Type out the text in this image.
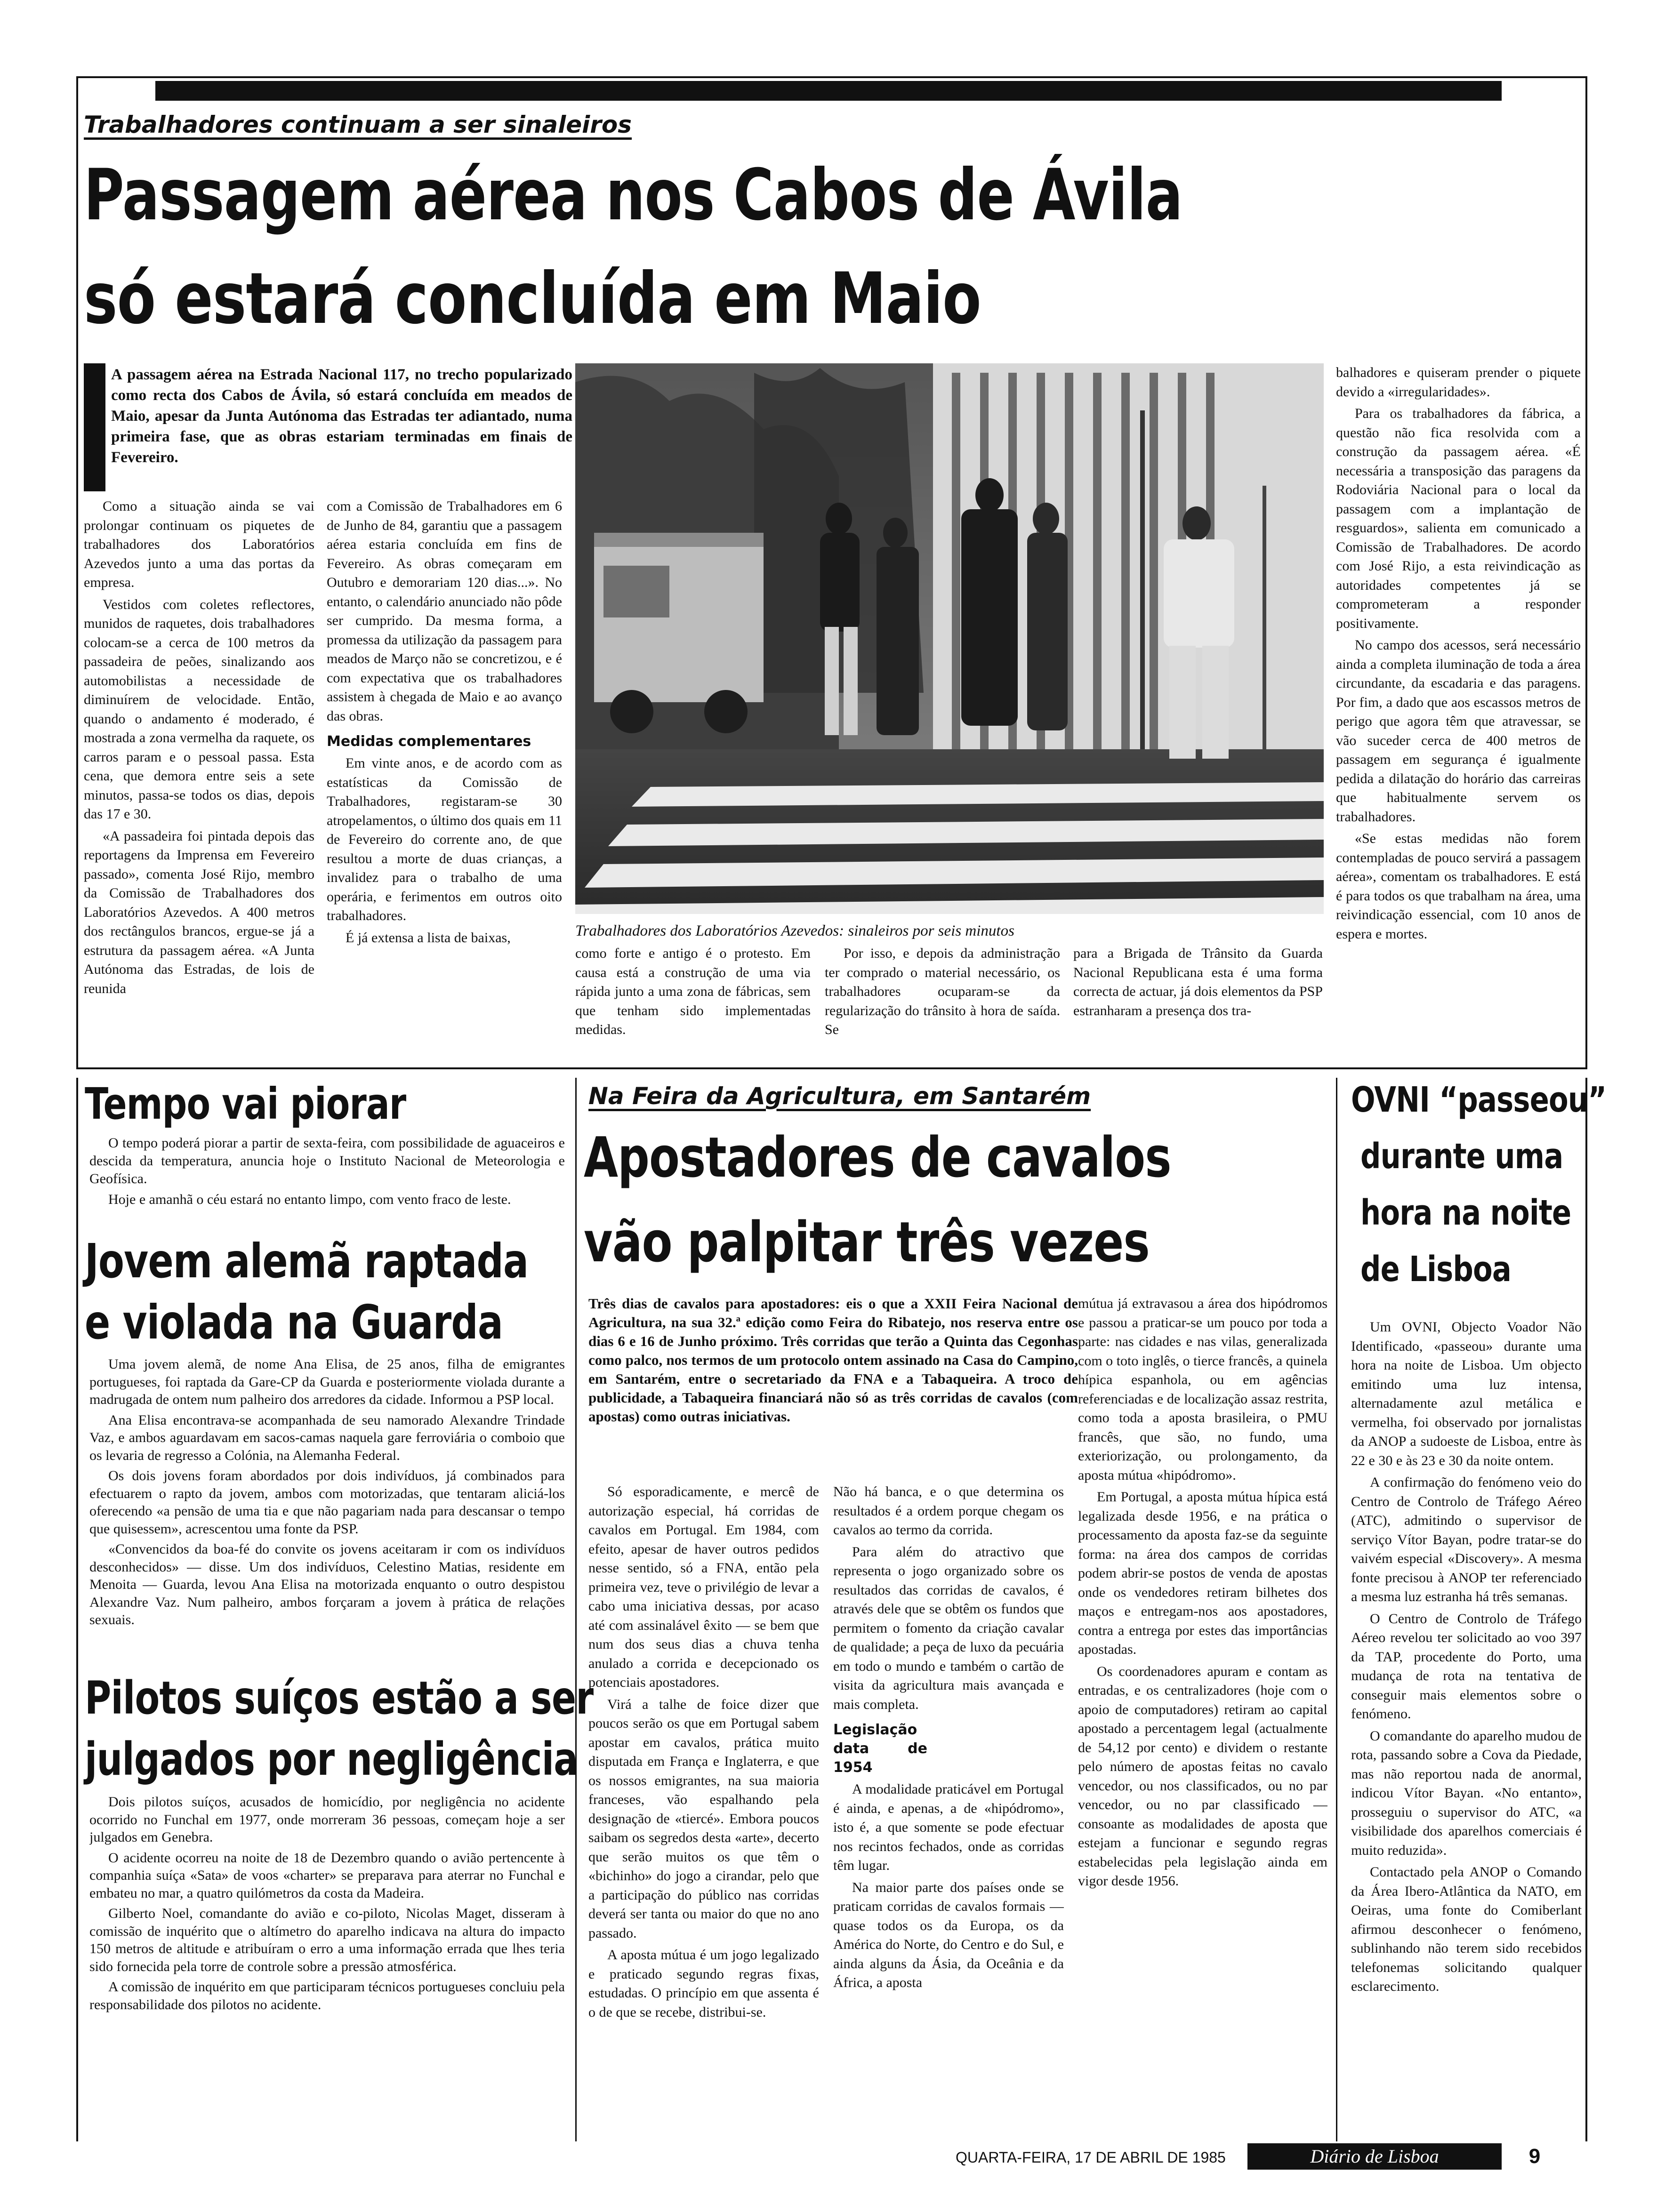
Trabalhadores continuam a ser sinaleiros
Passagem aérea nos Cabos de Ávila
só estará concluída em Maio
A passagem aérea na Estrada Nacional 117, no trecho popularizado como recta dos Cabos de Ávila, só estará concluída em meados de Maio, apesar da Junta Autónoma das Estradas ter adiantado, numa primeira fase, que as obras estariam terminadas em finais de Fevereiro.

Como a situação ainda se vai prolongar continuam os piquetes de trabalhadores dos Laboratórios Azevedos junto a uma das portas da empresa.

Vestidos com coletes reflectores, munidos de raquetes, dois trabalhadores colocam-se a cerca de 100 metros da passadeira de peões, sinalizando aos automobilistas a necessidade de diminuírem de velocidade. Então, quando o andamento é moderado, é mostrada a zona vermelha da raquete, os carros param e o pessoal passa. Esta cena, que demora entre seis a sete minutos, passa-se todos os dias, depois das 17 e 30.

«A passadeira foi pintada depois das reportagens da Imprensa em Fevereiro passado», comenta José Rijo, membro da Comissão de Trabalhadores dos Laboratórios Azevedos. A 400 metros dos rectângulos brancos, ergue-se já a estrutura da passagem aérea. «A Junta Autónoma das Estradas, de lois de reunida

com a Comissão de Trabalhadores em 6 de Junho de 84, garantiu que a passagem aérea estaria concluída em fins de Fevereiro. As obras começaram em Outubro e demorariam 120 dias...». No entanto, o calendário anunciado não pôde ser cumprido. Da mesma forma, a promessa da utilização da passagem para meados de Março não se concretizou, e é com expectativa que os trabalhadores assistem à chegada de Maio e ao avanço das obras.

Medidas complementares

Em vinte anos, e de acordo com as estatísticas da Comissão de Trabalhadores, registaram-se 30 atropelamentos, o último dos quais em 11 de Fevereiro do corrente ano, de que resultou a morte de duas crianças, a invalidez para o trabalho de uma operária, e ferimentos em outros oito trabalhadores.

É já extensa a lista de baixas,	Trabalhadores dos Laboratórios Azevedos: sinaleiros por seis minutos

como forte e antigo é o protesto. Em causa está a construção de uma via rápida junto a uma zona de fábricas, sem que tenham sido implementadas medidas.

Por isso, e depois da administração ter comprado o material necessário, os trabalhadores ocuparam-se da regularização do trânsito à hora de saída. Se

para a Brigada de Trânsito da Guarda Nacional Republicana esta é uma forma correcta de actuar, já dois elementos da PSP estranharam a presença dos tra-

balhadores e quiseram prender o piquete devido a «irregularidades».

Para os trabalhadores da fábrica, a questão não fica resolvida com a construção da passagem aérea. «É necessária a transposição das paragens da Rodoviária Nacional para o local da passagem com a implantação de resguardos», salienta em comunicado a Comissão de Trabalhadores. De acordo com José Rijo, a esta reivindicação as autoridades competentes já se comprometeram a responder positivamente.

No campo dos acessos, será necessário ainda a completa iluminação de toda a área circundante, da escadaria e das paragens. Por fim, a dado que aos escassos metros de perigo que agora têm que atravessar, se vão suceder cerca de 400 metros de passagem em segurança é igualmente pedida a dilatação do horário das carreiras que habitualmente servem os trabalhadores.

«Se estas medidas não forem contempladas de pouco servirá a passagem aérea», comentam os trabalhadores. E está é para todos os que trabalham na área, uma reivindicação essencial, com 10 anos de espera e mortes.

Tempo vai piorar

O tempo poderá piorar a partir de sexta-feira, com possibilidade de aguaceiros e descida da temperatura, anuncia hoje o Instituto Nacional de Meteorologia e Geofísica.

Hoje e amanhã o céu estará no entanto limpo, com vento fraco de leste.

Jovem alemã raptada
e violada na Guarda

Uma jovem alemã, de nome Ana Elisa, de 25 anos, filha de emigrantes portugueses, foi raptada da Gare-CP da Guarda e posteriormente violada durante a madrugada de ontem num palheiro dos arredores da cidade. Informou a PSP local.

Ana Elisa encontrava-se acompanhada de seu namorado Alexandre Trindade Vaz, e ambos aguardavam em sacos-camas naquela gare ferroviária o comboio que os levaria de regresso a Colónia, na Alemanha Federal.

Os dois jovens foram abordados por dois indivíduos, já combinados para efectuarem o rapto da jovem, ambos com motorizadas, que tentaram aliciá-los oferecendo «a pensão de uma tia e que não pagariam nada para descansar o tempo que quisessem», acrescentou uma fonte da PSP.

«Convencidos da boa-fé do convite os jovens aceitaram ir com os indivíduos desconhecidos» — disse. Um dos indivíduos, Celestino Matias, residente em Menoita — Guarda, levou Ana Elisa na motorizada enquanto o outro despistou Alexandre Vaz. Num palheiro, ambos forçaram a jovem à prática de relações sexuais.

Pilotos suíços estão a ser
julgados por negligência

Dois pilotos suíços, acusados de homicídio, por negligência no acidente ocorrido no Funchal em 1977, onde morreram 36 pessoas, começam hoje a ser julgados em Genebra.

O acidente ocorreu na noite de 18 de Dezembro quando o avião pertencente à companhia suíça «Sata» de voos «charter» se preparava para aterrar no Funchal e embateu no mar, a quatro quilómetros da costa da Madeira.

Gilberto Noel, comandante do avião e co-piloto, Nicolas Maget, disseram à comissão de inquérito que o altímetro do aparelho indicava na altura do impacto 150 metros de altitude e atribuíram o erro a uma informação errada que lhes teria sido fornecida pela torre de controle sobre a pressão atmosférica.

A comissão de inquérito em que participaram técnicos portugueses concluiu pela responsabilidade dos pilotos no acidente.

Na Feira da Agricultura, em Santarém
Apostadores de cavalos
vão palpitar três vezes
Três dias de cavalos para apostadores: eis o que a XXII Feira Nacional de Agricultura, na sua 32.ª edição como Feira do Ribatejo, nos reserva entre os dias 6 e 16 de Junho próximo. Três corridas que terão a Quinta das Cegonhas como palco, nos termos de um protocolo ontem assinado na Casa do Campino, em Santarém, entre o secretariado da FNA e a Tabaqueira. A troco de publicidade, a Tabaqueira financiará não só as três corridas de cavalos (com apostas) como outras iniciativas.

Só esporadicamente, e mercê de autorização especial, há corridas de cavalos em Portugal. Em 1984, com efeito, apesar de haver outros pedidos nesse sentido, só a FNA, então pela primeira vez, teve o privilégio de levar a cabo uma iniciativa dessas, por acaso até com assinalável êxito — se bem que num dos seus dias a chuva tenha anulado a corrida e decepcionado os potenciais apostadores.

Virá a talhe de foice dizer que poucos serão os que em Portugal sabem apostar em cavalos, prática muito disputada em França e Inglaterra, e que os nossos emigrantes, na sua maioria franceses, vão espalhando pela designação de «tiercé». Embora poucos saibam os segredos desta «arte», decerto que serão muitos os que têm o «bichinho» do jogo a cirandar, pelo que a participação do público nas corridas deverá ser tanta ou maior do que no ano passado.

A aposta mútua é um jogo legalizado e praticado segundo regras fixas, estudadas. O princípio em que assenta é o de que se recebe, distribui-se.

Não há banca, e o que determina os resultados é a ordem porque chegam os cavalos ao termo da corrida.

Para além do atractivo que representa o jogo organizado sobre os resultados das corridas de cavalos, é através dele que se obtêm os fundos que permitem o fomento da criação cavalar de qualidade; a peça de luxo da pecuária em todo o mundo e também o cartão de visita da agricultura mais avançada e mais completa.

Legislação data de 1954

A modalidade praticável em Portugal é ainda, e apenas, a de «hipódromo», isto é, a que somente se pode efectuar nos recintos fechados, onde as corridas têm lugar.

Na maior parte dos países onde se praticam corridas de cavalos formais — quase todos os da Europa, os da América do Norte, do Centro e do Sul, e ainda alguns da Ásia, da Oceânia e da África, a aposta

mútua já extravasou a área dos hipódromos e passou a praticar-se um pouco por toda a parte: nas cidades e nas vilas, generalizada com o toto inglês, o tierce francês, a quinela hípica espanhola, ou em agências referenciadas e de localização assaz restrita, como toda a aposta brasileira, o PMU francês, que são, no fundo, uma exteriorização, ou prolongamento, da aposta mútua «hipódromo».

Em Portugal, a aposta mútua hípica está legalizada desde 1956, e na prática o processamento da aposta faz-se da seguinte forma: na área dos campos de corridas podem abrir-se postos de venda de apostas onde os vendedores retiram bilhetes dos maços e entregam-nos aos apostadores, contra a entrega por estes das importâncias apostadas.

Os coordenadores apuram e contam as entradas, e os centralizadores (hoje com o apoio de computadores) retiram ao capital apostado a percentagem legal (actualmente de 54,12 por cento) e dividem o restante pelo número de apostas feitas no cavalo vencedor, ou nos classificados, ou no par vencedor, ou no par classificado — consoante as modalidades de aposta que estejam a funcionar e segundo regras estabelecidas pela legislação ainda em vigor desde 1956.

OVNI “passeou”
durante uma
hora na noite
de Lisboa

Um OVNI, Objecto Voador Não Identificado, «passeou» durante uma hora na noite de Lisboa. Um objecto emitindo uma luz intensa, alternadamente azul metálica e vermelha, foi observado por jornalistas da ANOP a sudoeste de Lisboa, entre às 22 e 30 e às 23 e 30 da noite ontem.

A confirmação do fenómeno veio do Centro de Controlo de Tráfego Aéreo (ATC), admitindo o supervisor de serviço Vítor Bayan, podre tratar-se do vaivém especial «Discovery». A mesma fonte precisou à ANOP ter referenciado a mesma luz estranha há três semanas.

O Centro de Controlo de Tráfego Aéreo revelou ter solicitado ao voo 397 da TAP, procedente do Porto, uma mudança de rota na tentativa de conseguir mais elementos sobre o fenómeno.

O comandante do aparelho mudou de rota, passando sobre a Cova da Piedade, mas não reportou nada de anormal, indicou Vítor Bayan. «No entanto», prosseguiu o supervisor do ATC, «a visibilidade dos aparelhos comerciais é muito reduzida».

Contactado pela ANOP o Comando da Área Ibero-Atlântica da NATO, em Oeiras, uma fonte do Comiberlant afirmou desconhecer o fenómeno, sublinhando não terem sido recebidos telefonemas solicitando qualquer esclarecimento.

QUARTA-FEIRA, 17 DE ABRIL DE 1985	Diário de Lisboa	9
